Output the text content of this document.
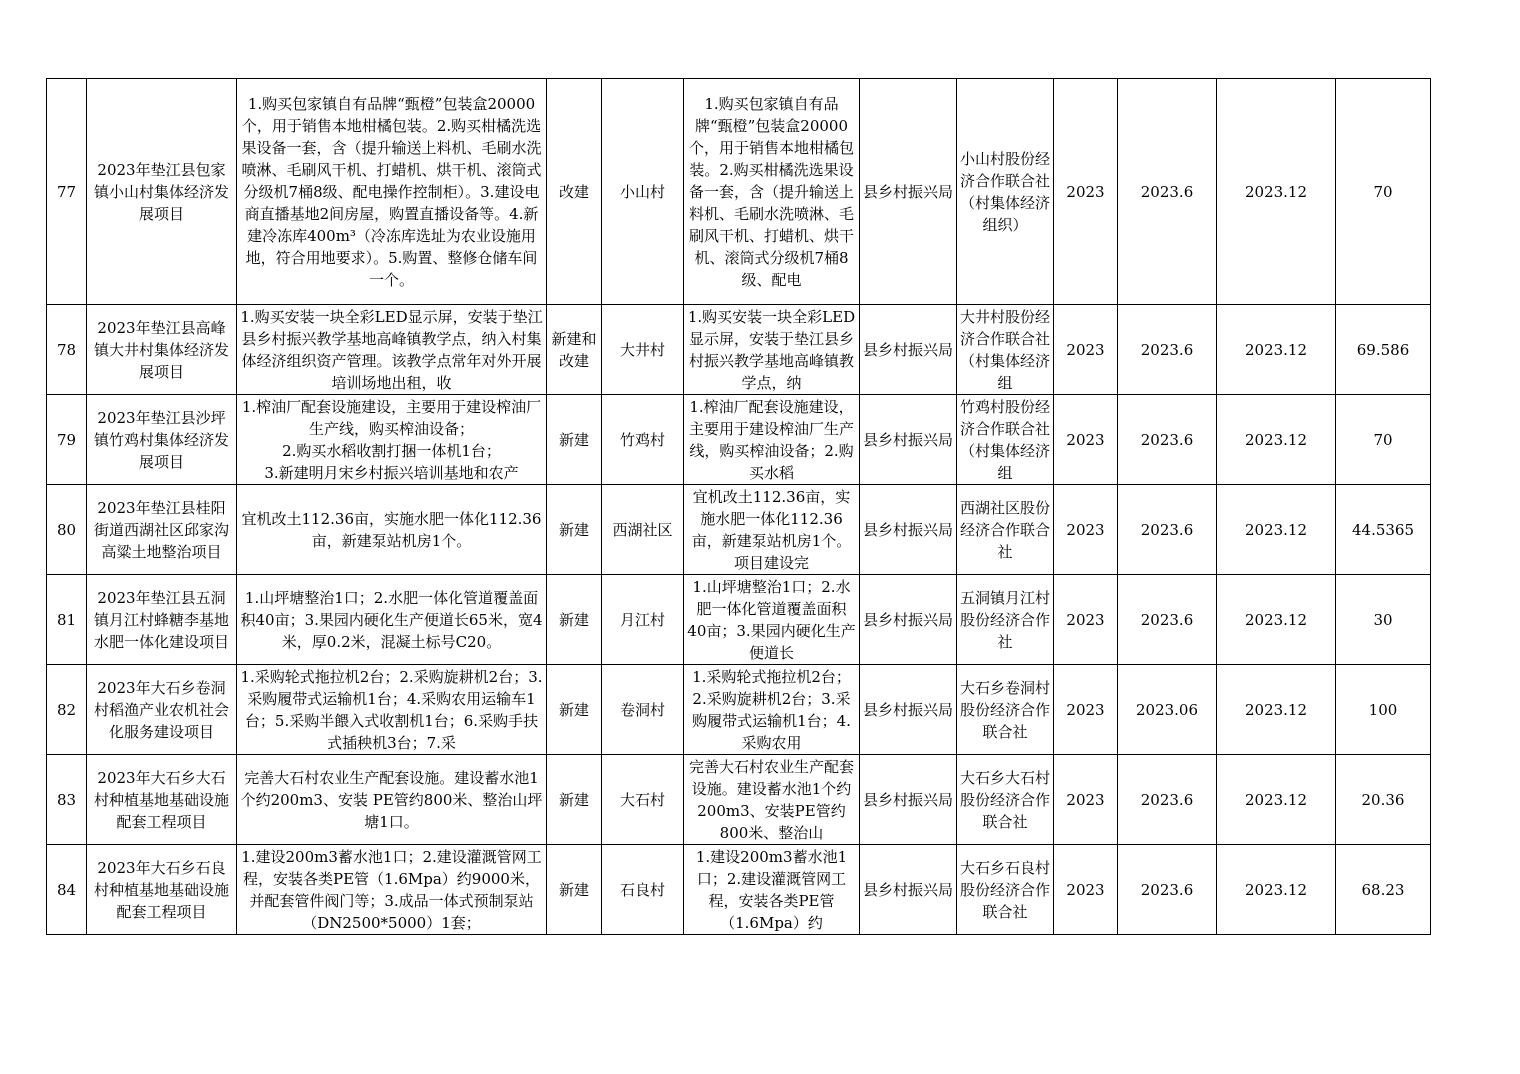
77	2023年垫江县包家镇小山村集体经济发展项目	1.购买包家镇自有品牌“甄橙”包装盒20000个，用于销售本地柑橘包装。2.购买柑橘洗选果设备一套，含（提升输送上料机、毛刷水洗喷淋、毛刷风干机、打蜡机、烘干机、滚筒式分级机7桶8级、配电操作控制柜）。3.建设电商直播基地2间房屋，购置直播设备等。4.新建冷冻库400m³（冷冻库选址为农业设施用地，符合用地要求）。5.购置、整修仓储车间一个。	改建	小山村	1.购买包家镇自有品牌“甄橙”包装盒20000个，用于销售本地柑橘包装。2.购买柑橘洗选果设备一套，含（提升输送上料机、毛刷水洗喷淋、毛刷风干机、打蜡机、烘干机、滚筒式分级机7桶8级、配电	县乡村振兴局	小山村股份经济合作联合社（村集体经济组织）	2023	2023.6	2023.12	70

78	2023年垫江县高峰镇大井村集体经济发展项目	1.购买安装一块全彩LED显示屏，安装于垫江县乡村振兴教学基地高峰镇教学点，纳入村集体经济组织资产管理。该教学点常年对外开展培训场地出租，收	新建和改建	大井村	1.购买安装一块全彩LED显示屏，安装于垫江县乡村振兴教学基地高峰镇教学点，纳	县乡村振兴局	大井村股份经济合作联合社（村集体经济组	2023	2023.6	2023.12	69.586

79	2023年垫江县沙坪镇竹鸡村集体经济发展项目	1.榨油厂配套设施建设，主要用于建设榨油厂生产线，购买榨油设备；
2.购买水稻收割打捆一体机1台；
3.新建明月宋乡村振兴培训基地和农产	新建	竹鸡村	1.榨油厂配套设施建设，主要用于建设榨油厂生产线，购买榨油设备；2.购买水稻	县乡村振兴局	竹鸡村股份经济合作联合社（村集体经济组	2023	2023.6	2023.12	70

80	2023年垫江县桂阳街道西湖社区邱家沟高粱土地整治项目	宜机改土112.36亩，实施水肥一体化112.36亩，新建泵站机房1个。	新建	西湖社区	宜机改土112.36亩，实施水肥一体化112.36亩，新建泵站机房1个。项目建设完	县乡村振兴局	西湖社区股份经济合作联合社	2023	2023.6	2023.12	44.5365

81	2023年垫江县五洞镇月江村蜂糖李基地水肥一体化建设项目	1.山坪塘整治1口；2.水肥一体化管道覆盖面积40亩；3.果园内硬化生产便道长65米，宽4米，厚0.2米，混凝土标号C20。	新建	月江村	1.山坪塘整治1口；2.水肥一体化管道覆盖面积40亩；3.果园内硬化生产便道长	县乡村振兴局	五洞镇月江村股份经济合作社	2023	2023.6	2023.12	30

82	2023年大石乡卷洞村稻渔产业农机社会化服务建设项目	1.采购轮式拖拉机2台；2.采购旋耕机2台；3.采购履带式运输机1台；4.采购农用运输车1台；5.采购半餵入式收割机1台；6.采购手扶式插秧机3台；7.采	新建	卷洞村	1.采购轮式拖拉机2台；2.采购旋耕机2台；3.采购履带式运输机1台；4.采购农用	县乡村振兴局	大石乡卷洞村股份经济合作联合社	2023	2023.06	2023.12	100

83	2023年大石乡大石村种植基地基础设施配套工程项目	完善大石村农业生产配套设施。建设蓄水池1个约200m3、安装 PE管约800米、整治山坪塘1口。	新建	大石村	完善大石村农业生产配套设施。建设蓄水池1个约200m3、安装PE管约800米、整治山	县乡村振兴局	大石乡大石村股份经济合作联合社	2023	2023.6	2023.12	20.36

84	2023年大石乡石良村种植基地基础设施配套工程项目	1.建设200m3蓄水池1口；2.建设灌溉管网工程，安装各类PE管（1.6Mpa）约9000米，并配套管件阀门等；3.成品一体式预制泵站（DN2500*5000）1套；	新建	石良村	1.建设200m3蓄水池1口；2.建设灌溉管网工程，安装各类PE管（1.6Mpa）约	县乡村振兴局	大石乡石良村股份经济合作联合社	2023	2023.6	2023.12	68.23
